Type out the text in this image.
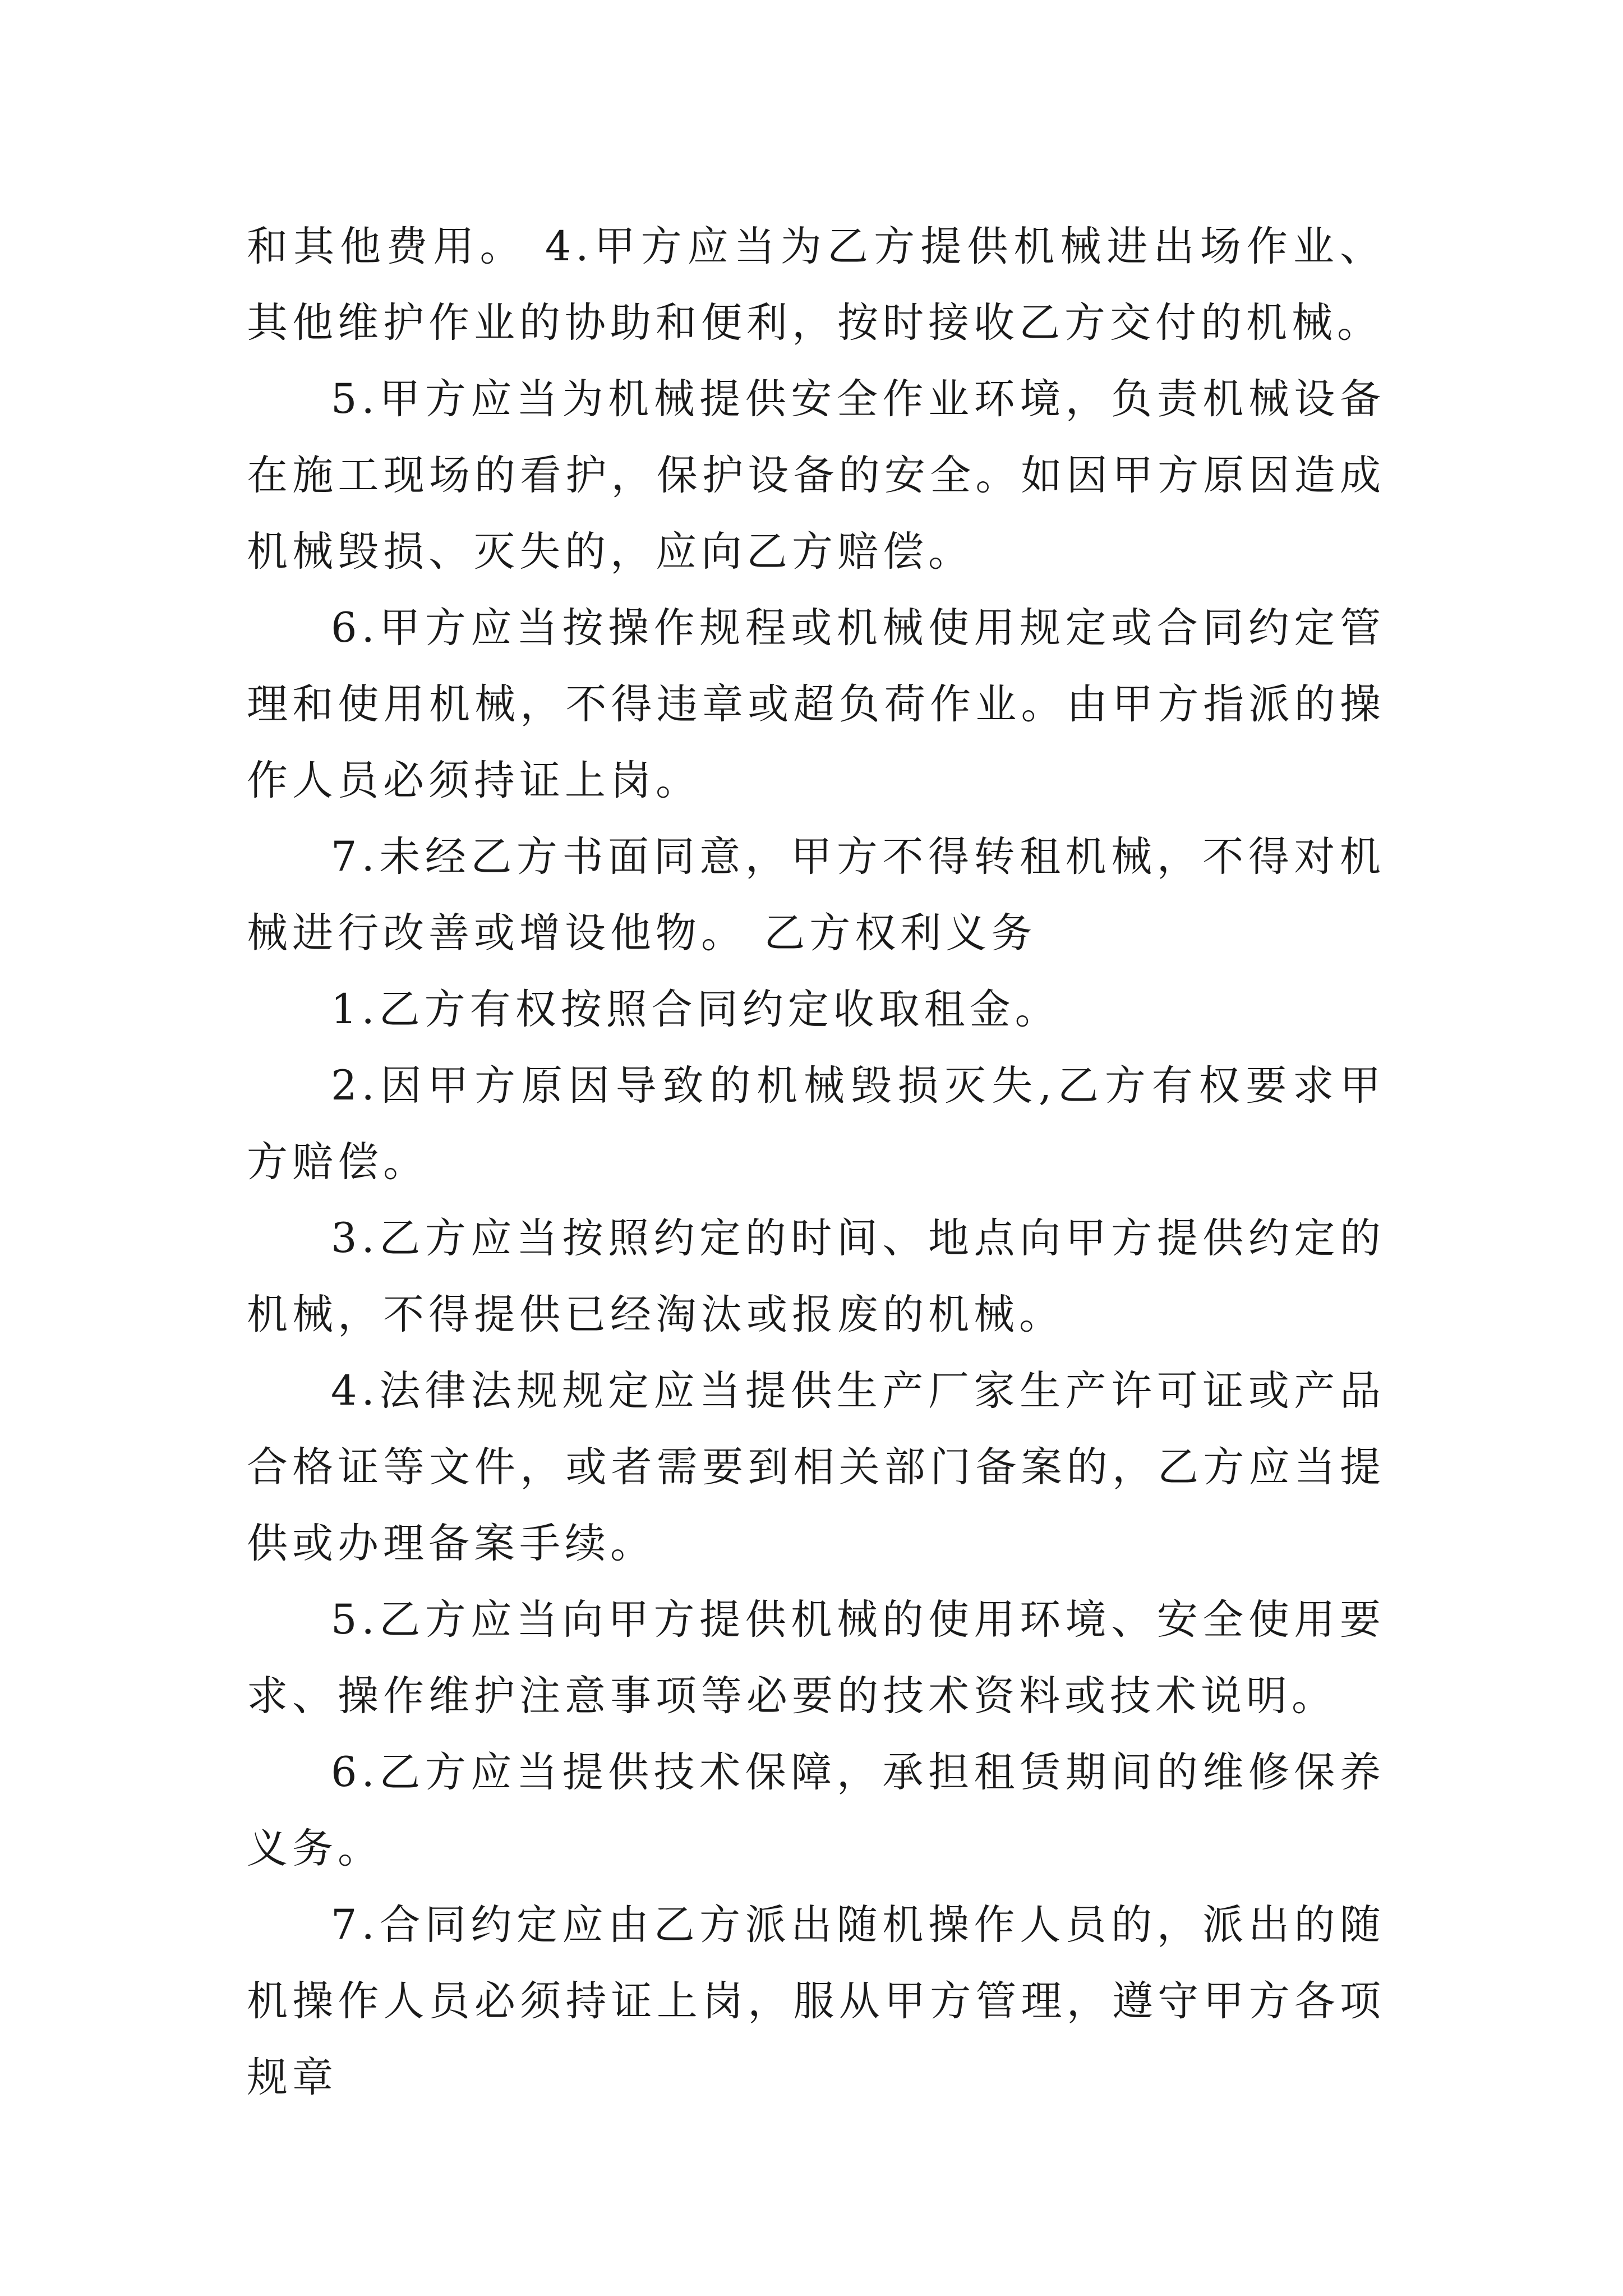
和其他费用。 4.甲方应当为乙方提供机械进出场作业、其他维护作业的协助和便利，按时接收乙方交付的机械。

5.甲方应当为机械提供安全作业环境，负责机械设备在施工现场的看护，保护设备的安全。如因甲方原因造成机械毁损、灭失的，应向乙方赔偿。

6.甲方应当按操作规程或机械使用规定或合同约定管理和使用机械，不得违章或超负荷作业。由甲方指派的操作人员必须持证上岗。

7.未经乙方书面同意，甲方不得转租机械，不得对机械进行改善或增设他物。 乙方权利义务

1.乙方有权按照合同约定收取租金。

2.因甲方原因导致的机械毁损灭失,乙方有权要求甲方赔偿。

3.乙方应当按照约定的时间、地点向甲方提供约定的机械，不得提供已经淘汰或报废的机械。

4.法律法规规定应当提供生产厂家生产许可证或产品合格证等文件，或者需要到相关部门备案的，乙方应当提供或办理备案手续。

5.乙方应当向甲方提供机械的使用环境、安全使用要求、操作维护注意事项等必要的技术资料或技术说明。

6.乙方应当提供技术保障，承担租赁期间的维修保养义务。

7.合同约定应由乙方派出随机操作人员的，派出的随机操作人员必须持证上岗，服从甲方管理，遵守甲方各项规章
